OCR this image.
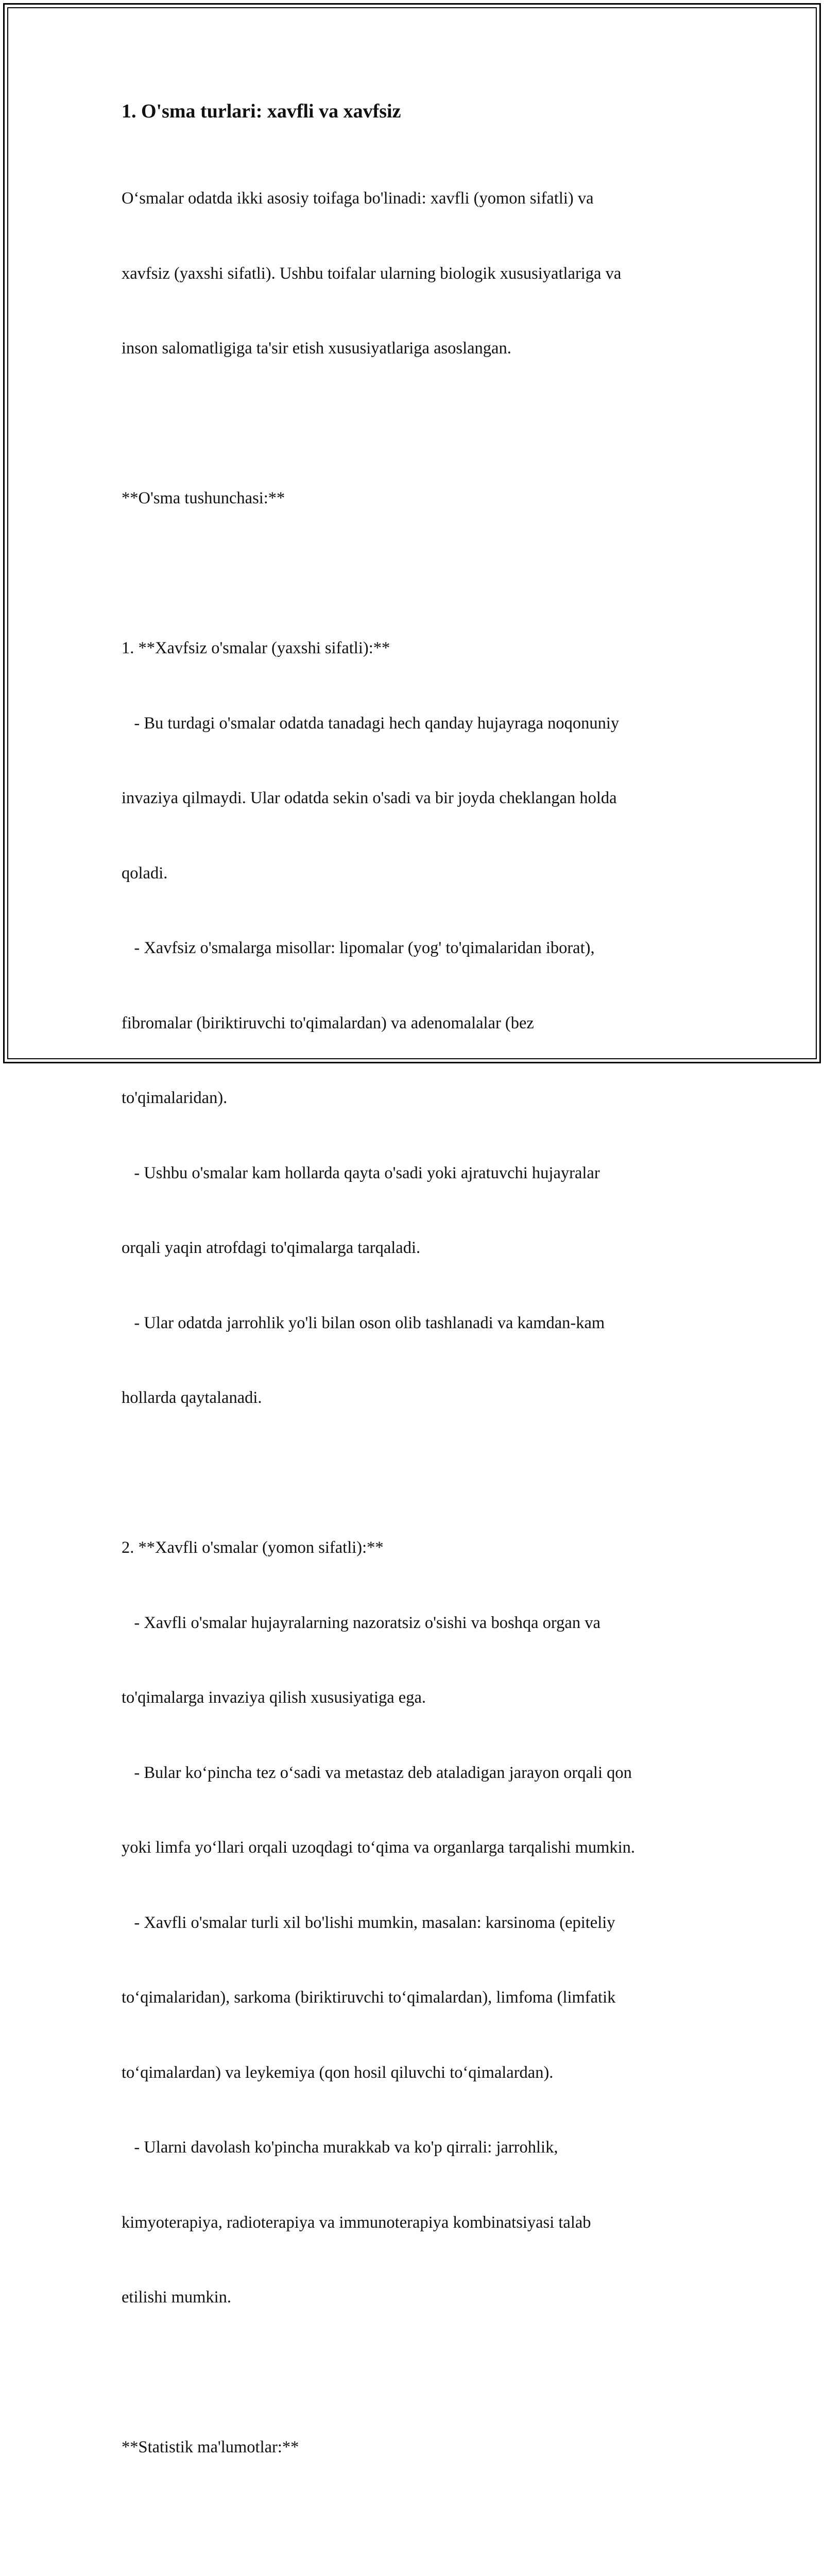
1. O'sma turlari: xavfli va xavfsiz

O‘smalar odatda ikki asosiy toifaga bo'linadi: xavfli (yomon sifatli) va

xavfsiz (yaxshi sifatli). Ushbu toifalar ularning biologik xususiyatlariga va

inson salomatligiga ta'sir etish xususiyatlariga asoslangan.

**O'sma tushunchasi:**

1. **Xavfsiz o'smalar (yaxshi sifatli):**

- Bu turdagi o'smalar odatda tanadagi hech qanday hujayraga noqonuniy

invaziya qilmaydi. Ular odatda sekin o'sadi va bir joyda cheklangan holda

qoladi.

- Xavfsiz o'smalarga misollar: lipomalar (yog' to'qimalaridan iborat),

fibromalar (biriktiruvchi to'qimalardan) va adenomalalar (bez

to'qimalaridan).

- Ushbu o'smalar kam hollarda qayta o'sadi yoki ajratuvchi hujayralar

orqali yaqin atrofdagi to'qimalarga tarqaladi.

- Ular odatda jarrohlik yo'li bilan oson olib tashlanadi va kamdan-kam

hollarda qaytalanadi.

2. **Xavfli o'smalar (yomon sifatli):**

- Xavfli o'smalar hujayralarning nazoratsiz o'sishi va boshqa organ va

to'qimalarga invaziya qilish xususiyatiga ega.

- Bular ko‘pincha tez o‘sadi va metastaz deb ataladigan jarayon orqali qon

yoki limfa yo‘llari orqali uzoqdagi to‘qima va organlarga tarqalishi mumkin.

- Xavfli o'smalar turli xil bo'lishi mumkin, masalan: karsinoma (epiteliy

to‘qimalaridan), sarkoma (biriktiruvchi to‘qimalardan), limfoma (limfatik

to‘qimalardan) va leykemiya (qon hosil qiluvchi to‘qimalardan).

- Ularni davolash ko'pincha murakkab va ko'p qirrali: jarrohlik,

kimyoterapiya, radioterapiya va immunoterapiya kombinatsiyasi talab

etilishi mumkin.

**Statistik ma'lumotlar:**
